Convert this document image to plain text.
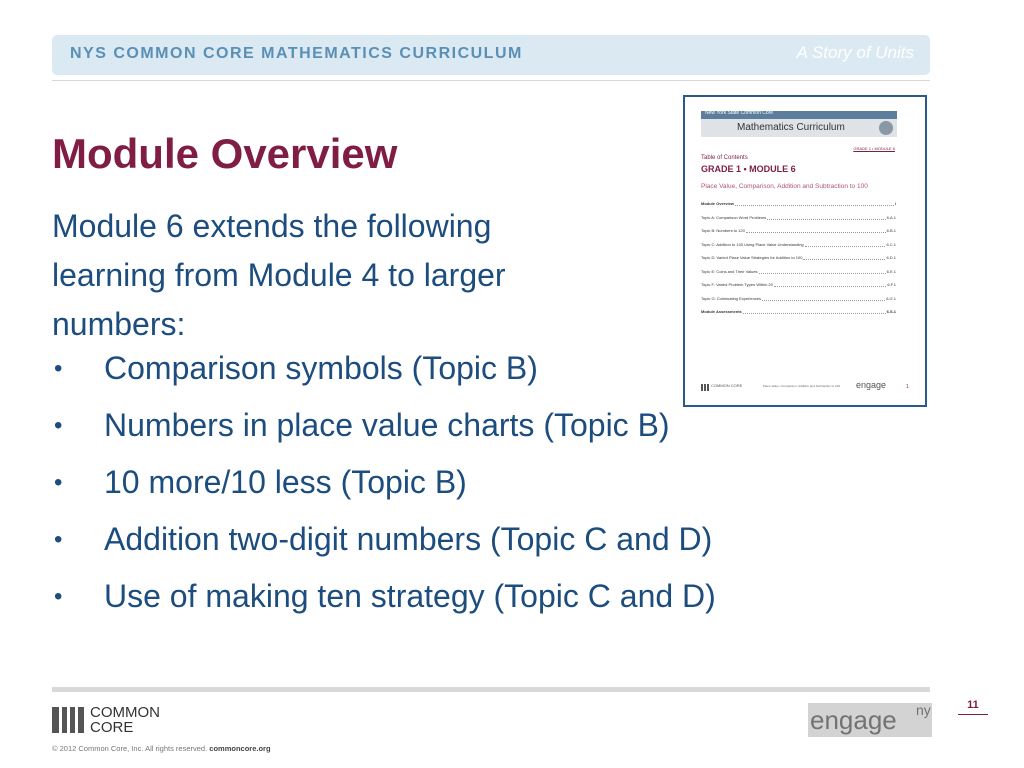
NYS COMMON CORE MATHEMATICS CURRICULUM	A Story of Units
Module Overview
Module 6 extends the following learning from Module 4 to larger numbers:
• Comparison symbols (Topic B)
• Numbers in place value charts (Topic B)
• 10 more/10 less (Topic B)
• Addition two-digit numbers (Topic C and D)
• Use of making ten strategy (Topic C and D)
New York State Common Core
Mathematics Curriculum
GRADE 1 • MODULE 6
Table of Contents
GRADE 1 • MODULE 6
Place Value, Comparison, Addition and Subtraction to 100
Module Overview	i
Topic A: Comparison Word Problems	6.A.1
Topic B: Numbers to 120	6.B.1
Topic C: Addition to 100 Using Place Value Understanding	6.C.1
Topic D: Varied Place Value Strategies for Addition to 100	6.D.1
Topic E: Coins and Their Values	6.E.1
Topic F: Varied Problem Types Within 20	6.F.1
Topic G: Culminating Experiences	6.G.1
Module Assessments	6.S.1
COMMON CORE	Place Value, Comparison, Addition and Subtraction to 100 engage	1
COMMON
CORE
© 2012 Common Core, Inc. All rights reserved. commoncore.org
engage ny	11
